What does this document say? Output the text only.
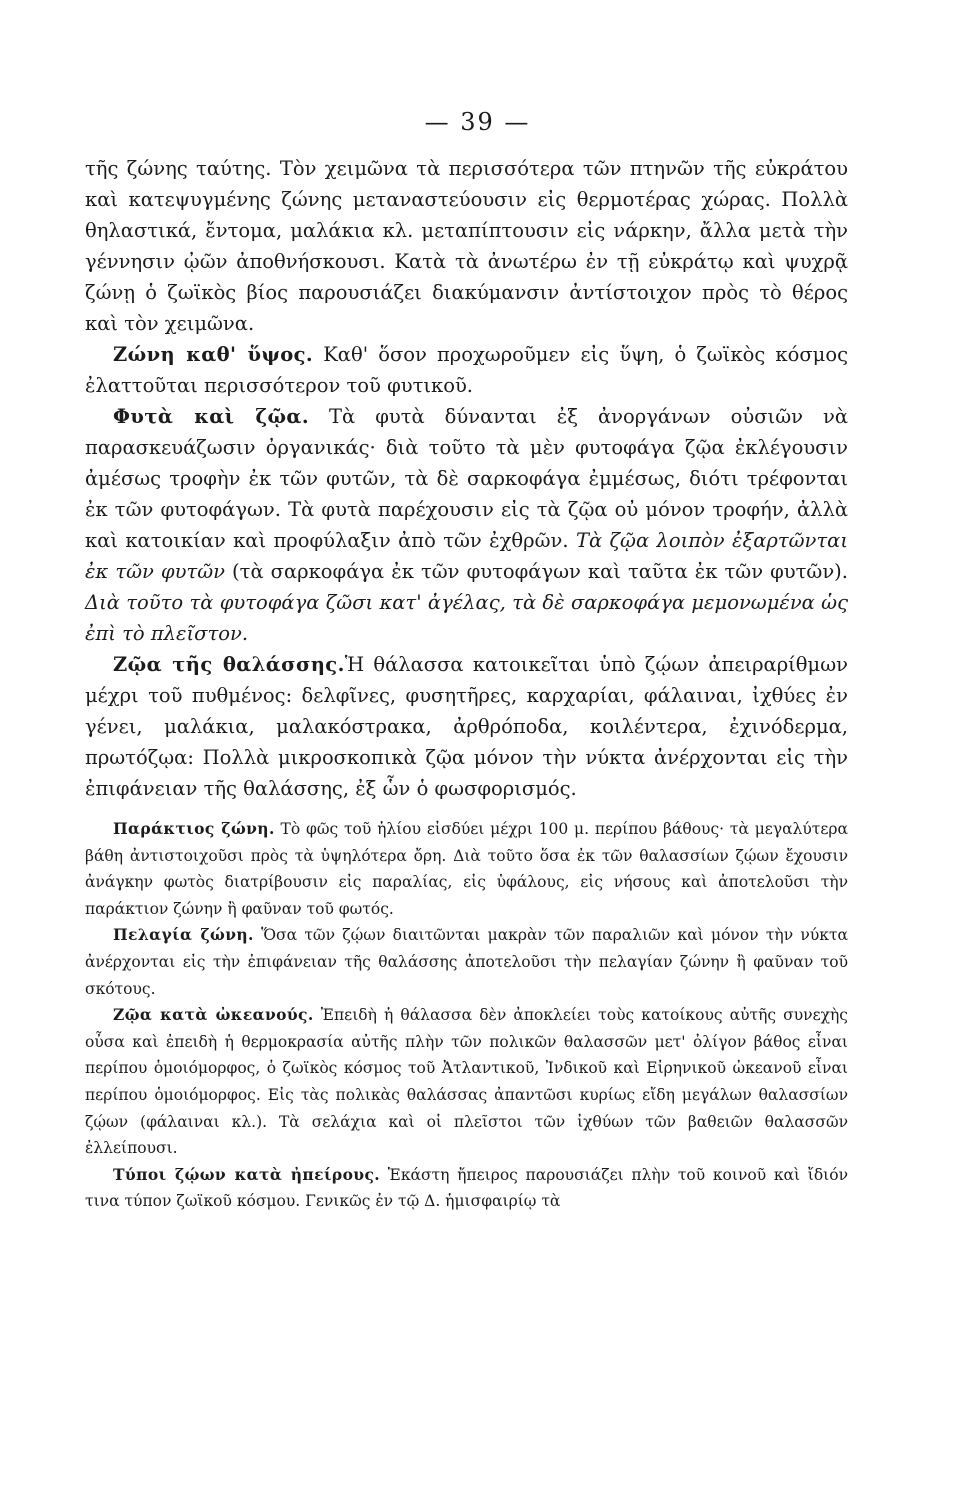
— 39 —

τῆς ζώνης ταύτης. Τὸν χειμῶνα τὰ περισσότερα τῶν πτηνῶν τῆς εὐκράτου καὶ κατεψυγμένης ζώνης μεταναστεύουσιν εἰς θερμοτέρας χώρας. Πολλὰ θηλαστικά, ἔντομα, μαλάκια κλ. μεταπίπτουσιν εἰς νάρκην, ἄλλα μετὰ τὴν γέννησιν ᾠῶν ἀποθνήσκουσι. Κατὰ τὰ ἀνωτέρω ἐν τῇ εὐκράτῳ καὶ ψυχρᾷ ζώνῃ ὁ ζωϊκὸς βίος παρουσιάζει διακύμανσιν ἀντίστοιχον πρὸς τὸ θέρος καὶ τὸν χειμῶνα.

Ζώνη καθ' ὕψος. Καθ' ὅσον προχωροῦμεν εἰς ὕψη, ὁ ζωϊκὸς κόσμος ἐλαττοῦται περισσότερον τοῦ φυτικοῦ.

Φυτὰ καὶ ζῷα. Τὰ φυτὰ δύνανται ἐξ ἀνοργάνων οὐσιῶν νὰ παρασκευάζωσιν ὀργανικάς· διὰ τοῦτο τὰ μὲν φυτοφάγα ζῷα ἐκλέγουσιν ἀμέσως τροφὴν ἐκ τῶν φυτῶν, τὰ δὲ σαρκοφάγα ἐμμέσως, διότι τρέφονται ἐκ τῶν φυτοφάγων. Τὰ φυτὰ παρέχουσιν εἰς τὰ ζῷα οὐ μόνον τροφήν, ἀλλὰ καὶ κατοικίαν καὶ προφύλαξιν ἀπὸ τῶν ἐχθρῶν. Τὰ ζῷα λοιπὸν ἐξαρτῶνται ἐκ τῶν φυτῶν (τὰ σαρκοφάγα ἐκ τῶν φυτοφάγων καὶ ταῦτα ἐκ τῶν φυτῶν). Διὰ τοῦτο τὰ φυτοφάγα ζῶσι κατ' ἀγέλας, τὰ δὲ σαρκοφάγα μεμονωμένα ὡς ἐπὶ τὸ πλεῖστον.

Ζῷα τῆς θαλάσσης.Ἡ θάλασσα κατοικεῖται ὑπὸ ζῴων ἀπειραρίθμων μέχρι τοῦ πυθμένος: δελφῖνες, φυσητῆρες, καρχαρίαι, φάλαιναι, ἰχθύες ἐν γένει, μαλάκια, μαλακόστρακα, ἀρθρόποδα, κοιλέντερα, ἐχινόδερμα, πρωτόζῳα: Πολλὰ μικροσκοπικὰ ζῷα μόνον τὴν νύκτα ἀνέρχονται εἰς τὴν ἐπιφάνειαν τῆς θαλάσσης, ἐξ ὧν ὁ φωσφορισμός.

Παράκτιος ζώνη. Τὸ φῶς τοῦ ἡλίου εἰσδύει μέχρι 100 μ. περίπου βάθους· τὰ μεγαλύτερα βάθη ἀντιστοιχοῦσι πρὸς τὰ ὑψηλότερα ὄρη. Διὰ τοῦτο ὅσα ἐκ τῶν θαλασσίων ζῴων ἔχουσιν ἀνάγκην φωτὸς διατρίβουσιν εἰς παραλίας, εἰς ὑφάλους, εἰς νήσους καὶ ἀποτελοῦσι τὴν παράκτιον ζώνην ἢ φαῦναν τοῦ φωτός.

Πελαγία ζώνη. Ὅσα τῶν ζῴων διαιτῶνται μακρὰν τῶν παραλιῶν καὶ μόνον τὴν νύκτα ἀνέρχονται εἰς τὴν ἐπιφάνειαν τῆς θαλάσσης ἀποτελοῦσι τὴν πελαγίαν ζώνην ἢ φαῦναν τοῦ σκότους.

Ζῷα κατὰ ὠκεανούς. Ἐπειδὴ ἡ θάλασσα δὲν ἀποκλείει τοὺς κατοίκους αὐτῆς συνεχὴς οὖσα καὶ ἐπειδὴ ἡ θερμοκρασία αὐτῆς πλὴν τῶν πολικῶν θαλασσῶν μετ' ὀλίγον βάθος εἶναι περίπου ὁμοιόμορφος, ὁ ζωϊκὸς κόσμος τοῦ Ἀτλαντικοῦ, Ἰνδικοῦ καὶ Εἰρηνικοῦ ὠκεανοῦ εἶναι περίπου ὁμοιόμορφος. Εἰς τὰς πολικὰς θαλάσσας ἀπαντῶσι κυρίως εἴδη μεγάλων θαλασσίων ζῴων (φάλαιναι κλ.). Τὰ σελάχια καὶ οἱ πλεῖστοι τῶν ἰχθύων τῶν βαθειῶν θαλασσῶν ἐλλείπουσι.

Τύποι ζῴων κατὰ ἠπείρους. Ἑκάστη ἤπειρος παρουσιάζει πλὴν τοῦ κοινοῦ καὶ ἴδιόν τινα τύπον ζωϊκοῦ κόσμου. Γενικῶς ἐν τῷ Δ. ἡμισφαιρίῳ τὰ
